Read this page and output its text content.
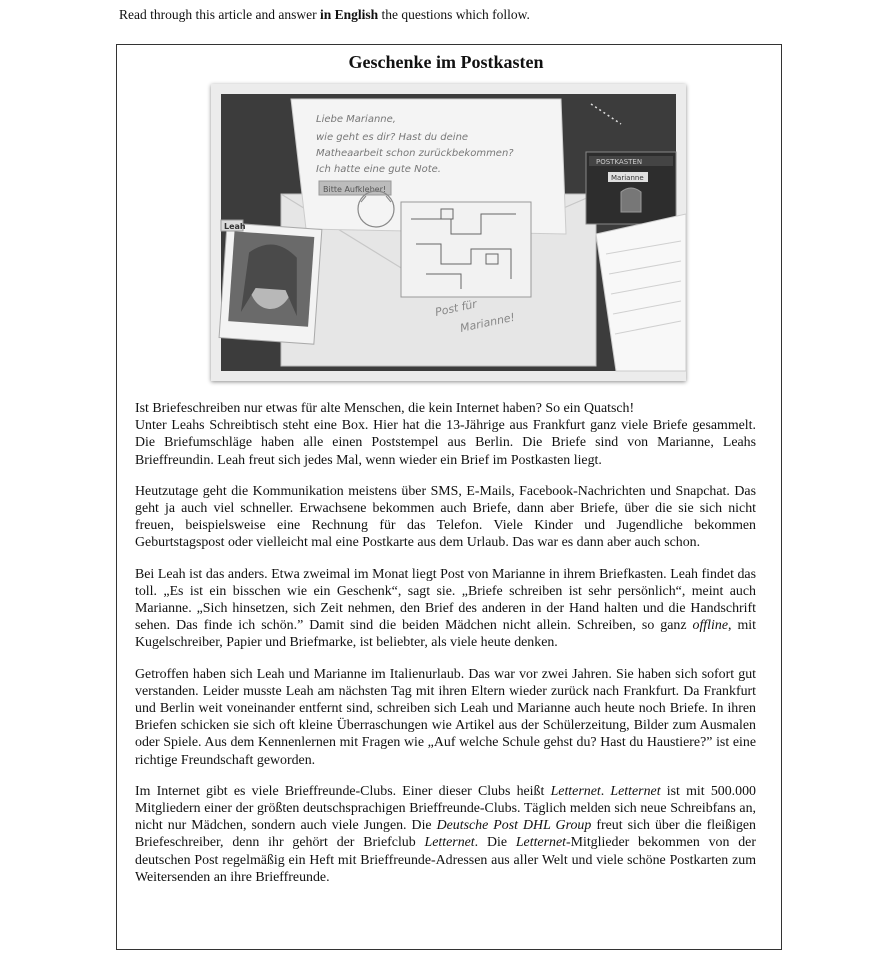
Read through this article and answer in English the questions which follow.
Geschenke im Postkasten
Liebe Marianne,
wie geht es dir? Hast du deine
Matheaarbeit schon zurückbekommen?
Ich hatte eine gute Note.
Bitte Aufkleber!
Post für
Marianne!
Leah
POSTKASTEN
Marianne

Ist Briefeschreiben nur etwas für alte Menschen, die kein Internet haben? So ein Quatsch!
Unter Leahs Schreibtisch steht eine Box. Hier hat die 13-Jährige aus Frankfurt ganz viele Briefe gesammelt. Die Briefumschläge haben alle einen Poststempel aus Berlin. Die Briefe sind von Marianne, Leahs Brieffreundin. Leah freut sich jedes Mal, wenn wieder ein Brief im Postkasten liegt.

Heutzutage geht die Kommunikation meistens über SMS, E-Mails, Facebook-Nachrichten und Snapchat. Das geht ja auch viel schneller. Erwachsene bekommen auch Briefe, dann aber Briefe, über die sie sich nicht freuen, beispielsweise eine Rechnung für das Telefon. Viele Kinder und Jugendliche bekommen Geburtstagspost oder vielleicht mal eine Postkarte aus dem Urlaub. Das war es dann aber auch schon.

Bei Leah ist das anders. Etwa zweimal im Monat liegt Post von Marianne in ihrem Briefkasten. Leah findet das toll. „Es ist ein bisschen wie ein Geschenk“, sagt sie. „Briefe schreiben ist sehr persönlich“, meint auch Marianne. „Sich hinsetzen, sich Zeit nehmen, den Brief des anderen in der Hand halten und die Handschrift sehen. Das finde ich schön.” Damit sind die beiden Mädchen nicht allein. Schreiben, so ganz offline, mit Kugelschreiber, Papier und Briefmarke, ist beliebter, als viele heute denken.

Getroffen haben sich Leah und Marianne im Italienurlaub. Das war vor zwei Jahren. Sie haben sich sofort gut verstanden. Leider musste Leah am nächsten Tag mit ihren Eltern wieder zurück nach Frankfurt. Da Frankfurt und Berlin weit voneinander entfernt sind, schreiben sich Leah und Marianne auch heute noch Briefe. In ihren Briefen schicken sie sich oft kleine Überraschungen wie Artikel aus der Schülerzeitung, Bilder zum Ausmalen oder Spiele. Aus dem Kennenlernen mit Fragen wie „Auf welche Schule gehst du? Hast du Haustiere?” ist eine richtige Freundschaft geworden.

Im Internet gibt es viele Brieffreunde-Clubs. Einer dieser Clubs heißt Letternet. Letternet ist mit 500.000 Mitgliedern einer der größten deutschsprachigen Brieffreunde-Clubs. Täglich melden sich neue Schreibfans an, nicht nur Mädchen, sondern auch viele Jungen. Die Deutsche Post DHL Group freut sich über die fleißigen Briefeschreiber, denn ihr gehört der Briefclub Letternet. Die Letternet-Mitglieder bekommen von der deutschen Post regelmäßig ein Heft mit Brieffreunde-Adressen aus aller Welt und viele schöne Postkarten zum Weitersenden an ihre Brieffreunde.
